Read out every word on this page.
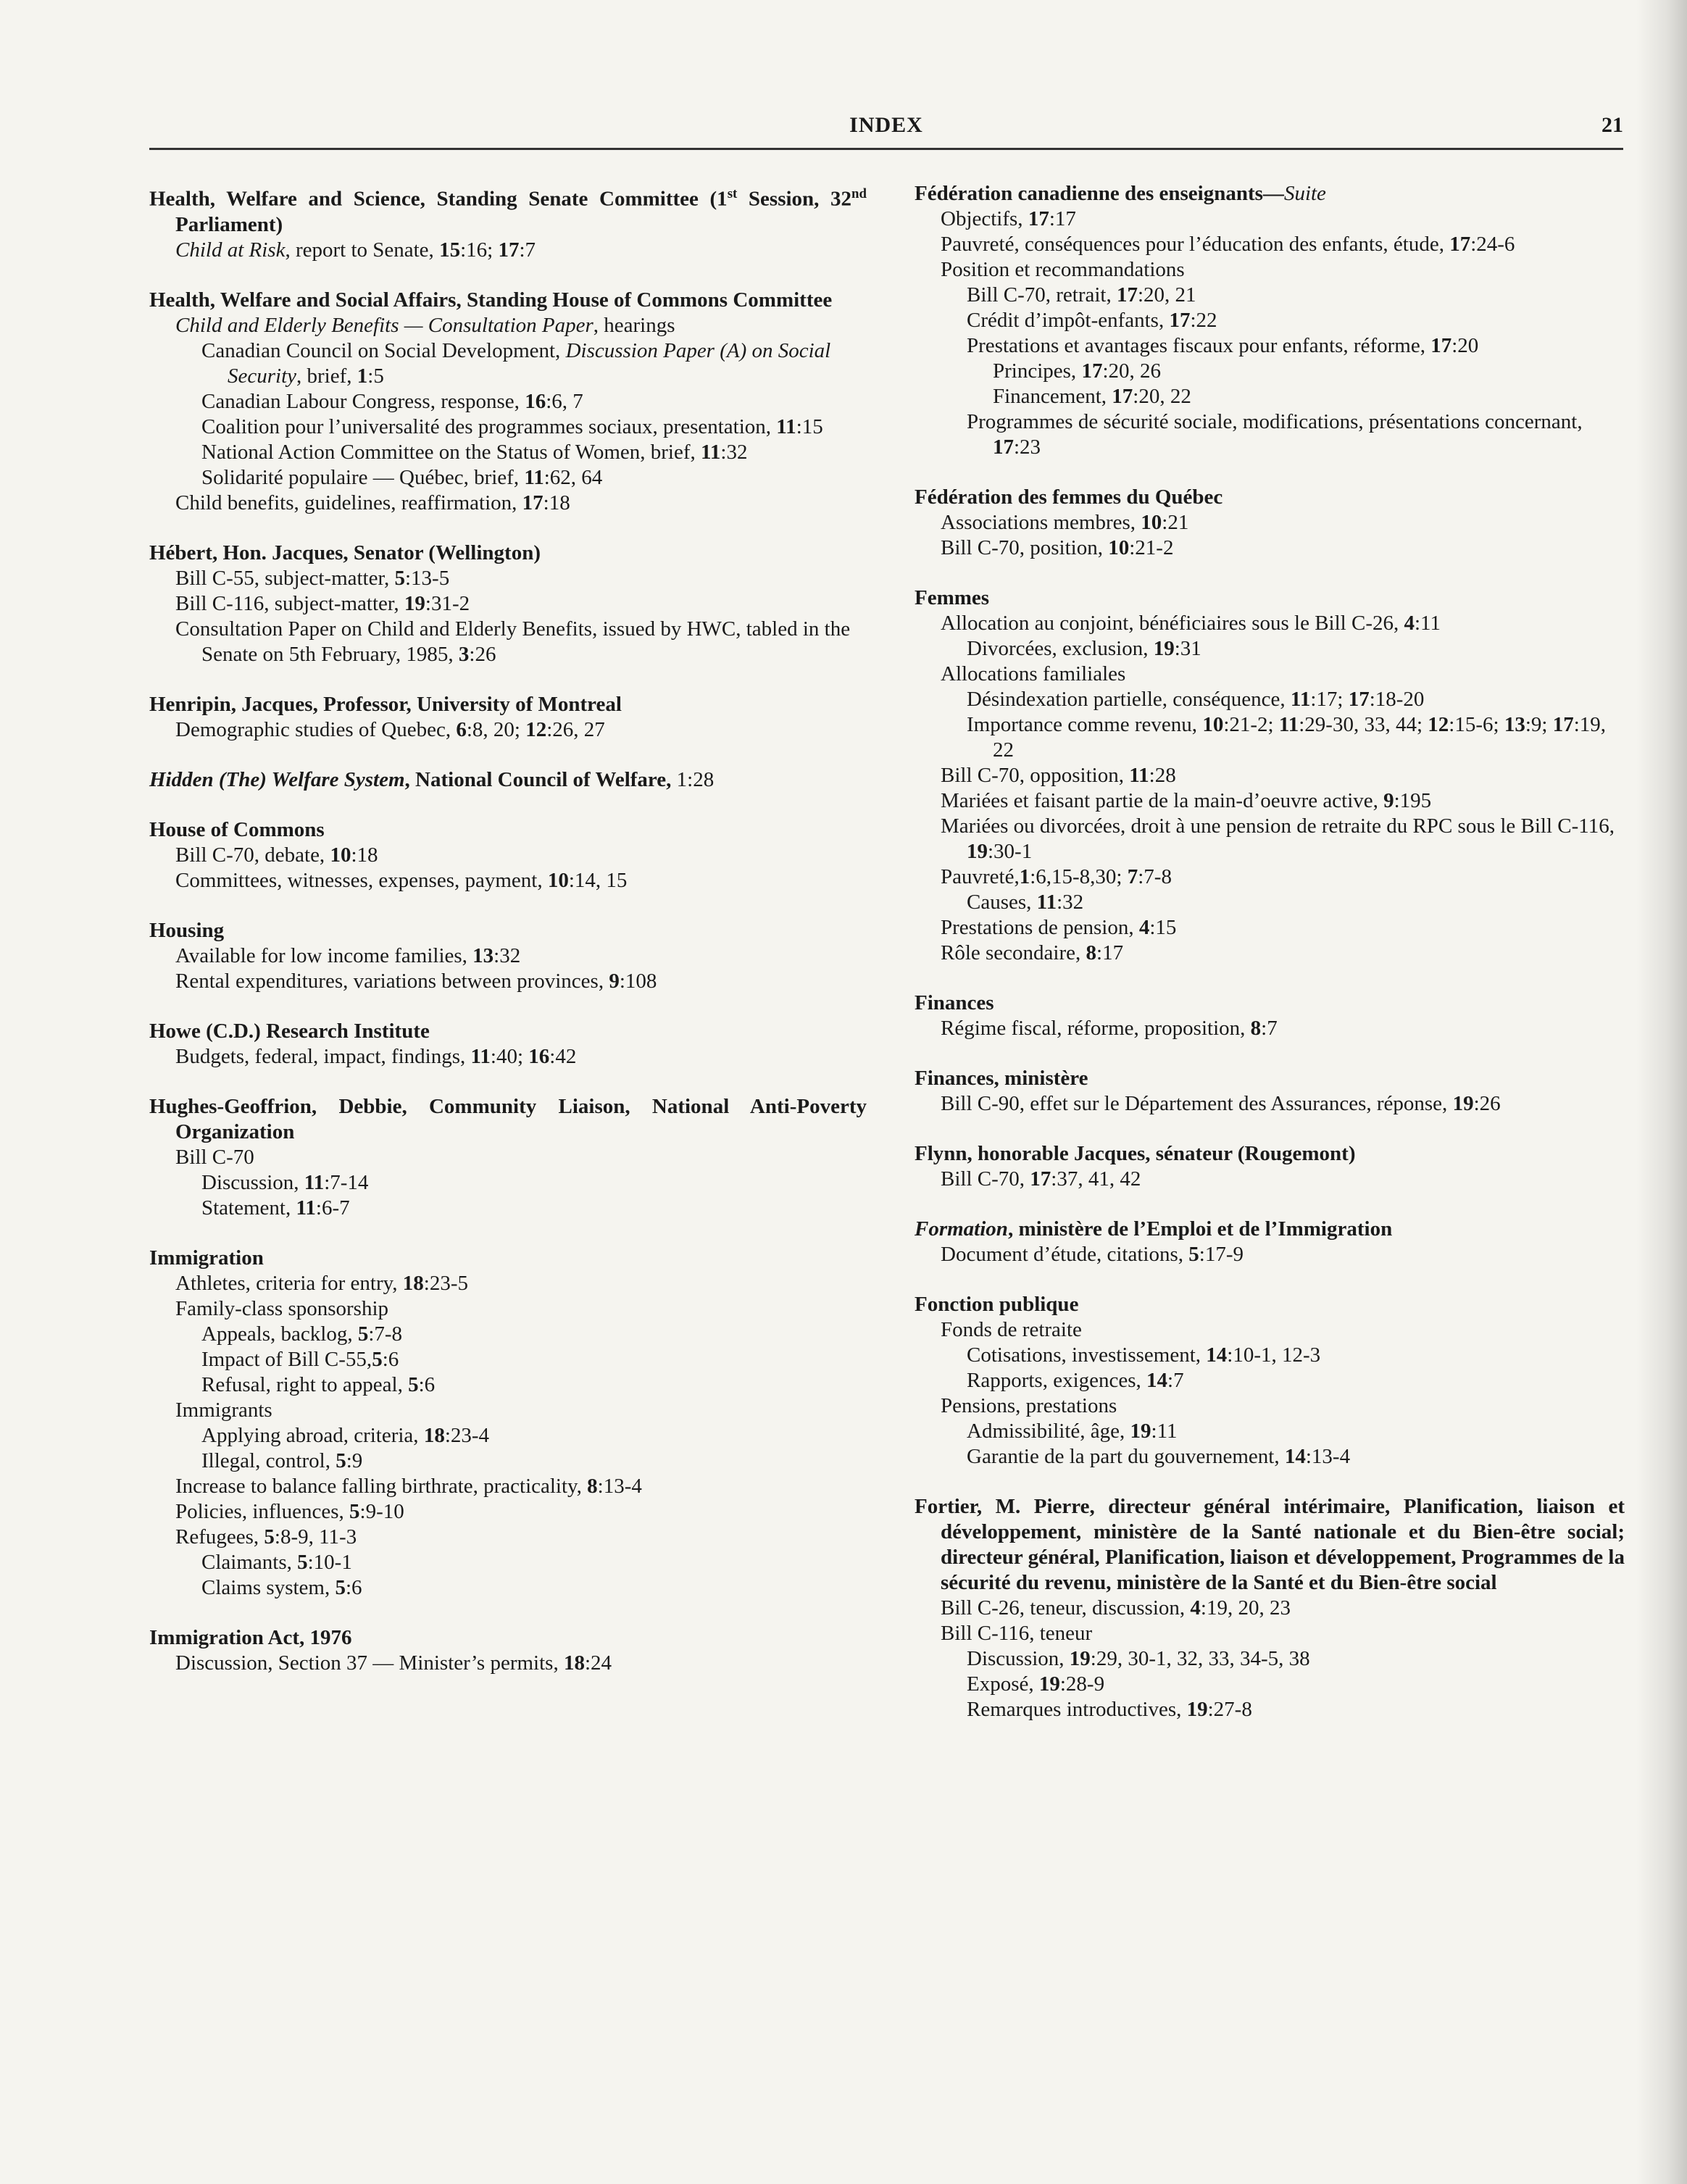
INDEX	21
Health, Welfare and Science, Standing Senate Committee (1st Session, 32nd Parliament)
Child at Risk, report to Senate, 15:16; 17:7
Health, Welfare and Social Affairs, Standing House of Commons Committee
Child and Elderly Benefits — Consultation Paper, hearings
Canadian Council on Social Development, Discussion Paper (A) on Social Security, brief, 1:5
Canadian Labour Congress, response, 16:6, 7
Coalition pour l’universalité des programmes sociaux, presentation, 11:15
National Action Committee on the Status of Women, brief, 11:32
Solidarité populaire — Québec, brief, 11:62, 64
Child benefits, guidelines, reaffirmation, 17:18
Hébert, Hon. Jacques, Senator (Wellington)
Bill C-55, subject-matter, 5:13-5
Bill C-116, subject-matter, 19:31-2
Consultation Paper on Child and Elderly Benefits, issued by HWC, tabled in the Senate on 5th February, 1985, 3:26
Henripin, Jacques, Professor, University of Montreal
Demographic studies of Quebec, 6:8, 20; 12:26, 27
Hidden (The) Welfare System, National Council of Welfare, 1:28
House of Commons
Bill C-70, debate, 10:18
Committees, witnesses, expenses, payment, 10:14, 15
Housing
Available for low income families, 13:32
Rental expenditures, variations between provinces, 9:108
Howe (C.D.) Research Institute
Budgets, federal, impact, findings, 11:40; 16:42
Hughes-Geoffrion, Debbie, Community Liaison, National Anti-Poverty Organization
Bill C-70
Discussion, 11:7-14
Statement, 11:6-7
Immigration
Athletes, criteria for entry, 18:23-5
Family-class sponsorship
Appeals, backlog, 5:7-8
Impact of Bill C-55,5:6
Refusal, right to appeal, 5:6
Immigrants
Applying abroad, criteria, 18:23-4
Illegal, control, 5:9
Increase to balance falling birthrate, practicality, 8:13-4
Policies, influences, 5:9-10
Refugees, 5:8-9, 11-3
Claimants, 5:10-1
Claims system, 5:6
Immigration Act, 1976
Discussion, Section 37 — Minister’s permits, 18:24
Fédération canadienne des enseignants—Suite
Objectifs, 17:17
Pauvreté, conséquences pour l’éducation des enfants, étude, 17:24-6
Position et recommandations
Bill C-70, retrait, 17:20, 21
Crédit d’impôt-enfants, 17:22
Prestations et avantages fiscaux pour enfants, réforme, 17:20
Principes, 17:20, 26
Financement, 17:20, 22
Programmes de sécurité sociale, modifications, présentations concernant, 17:23
Fédération des femmes du Québec
Associations membres, 10:21
Bill C-70, position, 10:21-2
Femmes
Allocation au conjoint, bénéficiaires sous le Bill C-26, 4:11
Divorcées, exclusion, 19:31
Allocations familiales
Désindexation partielle, conséquence, 11:17; 17:18-20
Importance comme revenu, 10:21-2; 11:29-30, 33, 44; 12:15-6; 13:9; 17:19, 22
Bill C-70, opposition, 11:28
Mariées et faisant partie de la main-d’oeuvre active, 9:195
Mariées ou divorcées, droit à une pension de retraite du RPC sous le Bill C-116, 19:30-1
Pauvreté,1:6,15-8,30; 7:7-8
Causes, 11:32
Prestations de pension, 4:15
Rôle secondaire, 8:17
Finances
Régime fiscal, réforme, proposition, 8:7
Finances, ministère
Bill C-90, effet sur le Département des Assurances, réponse, 19:26
Flynn, honorable Jacques, sénateur (Rougemont)
Bill C-70, 17:37, 41, 42
Formation, ministère de l’Emploi et de l’Immigration
Document d’étude, citations, 5:17-9
Fonction publique
Fonds de retraite
Cotisations, investissement, 14:10-1, 12-3
Rapports, exigences, 14:7
Pensions, prestations
Admissibilité, âge, 19:11
Garantie de la part du gouvernement, 14:13-4
Fortier, M. Pierre, directeur général intérimaire, Planification, liaison et développement, ministère de la Santé nationale et du Bien-être social; directeur général, Planification, liaison et développement, Programmes de la sécurité du revenu, ministère de la Santé et du Bien-être social
Bill C-26, teneur, discussion, 4:19, 20, 23
Bill C-116, teneur
Discussion, 19:29, 30-1, 32, 33, 34-5, 38
Exposé, 19:28-9
Remarques introductives, 19:27-8
